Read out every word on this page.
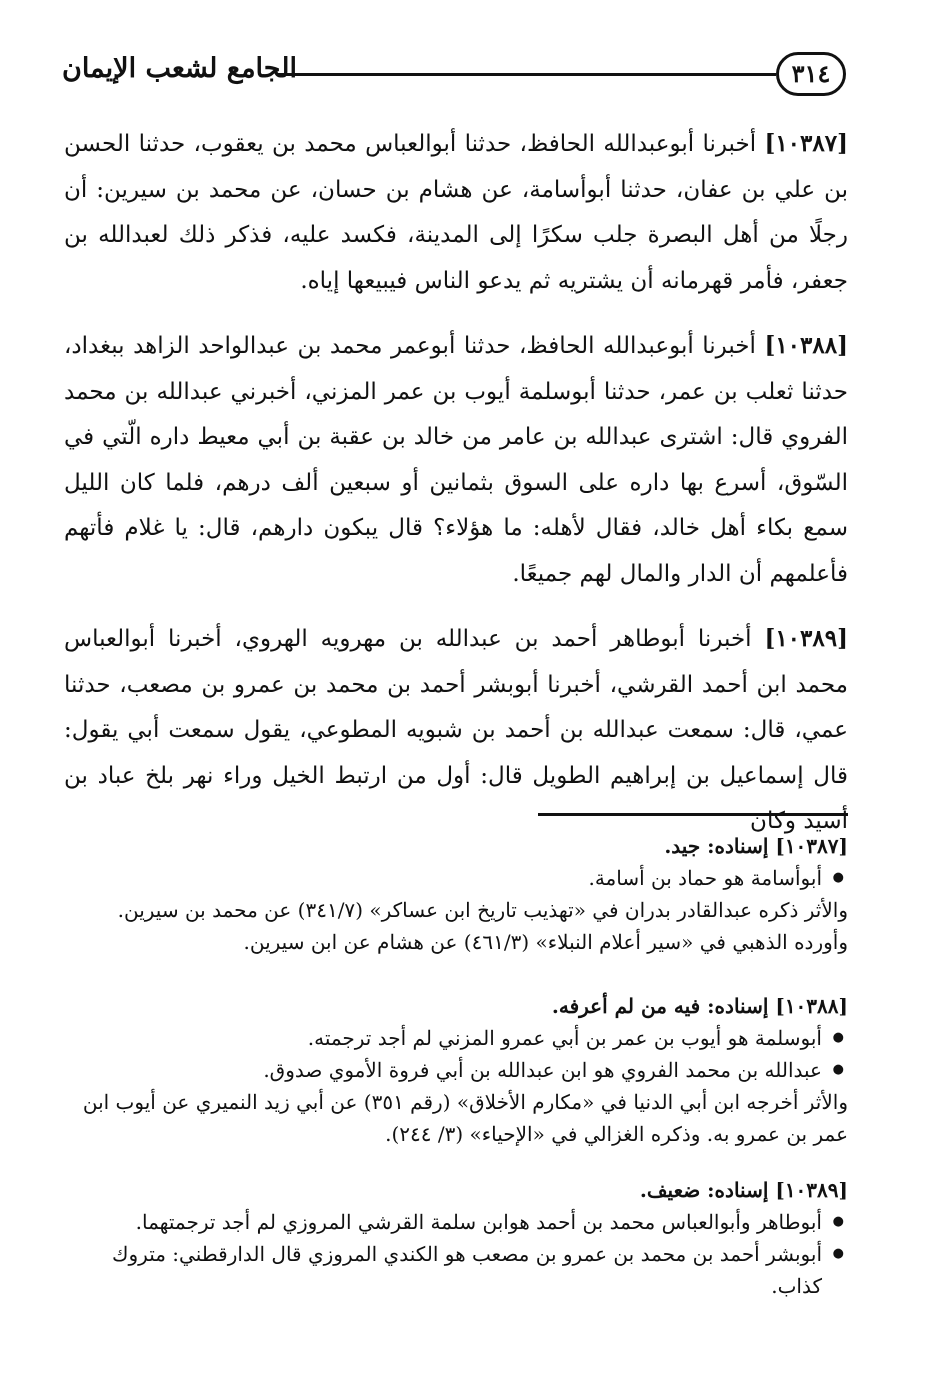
الجامع لشعب الإيمان	٣١٤

[١٠٣٨٧] أخبرنا أبوعبدالله الحافظ، حدثنا أبوالعباس محمد بن يعقوب، حدثنا الحسن بن علي بن عفان، حدثنا أبوأسامة، عن هشام بن حسان، عن محمد بن سيرين: أن رجلًا من أهل البصرة جلب سكرًا إلى المدينة، فكسد عليه، فذكر ذلك لعبدالله بن جعفر، فأمر قهرمانه أن يشتريه ثم يدعو الناس فيبيعها إياه.

[١٠٣٨٨] أخبرنا أبوعبدالله الحافظ، حدثنا أبوعمر محمد بن عبدالواحد الزاهد ببغداد، حدثنا ثعلب بن عمر، حدثنا أبوسلمة أيوب بن عمر المزني، أخبرني عبدالله بن محمد الفروي قال: اشترى عبدالله بن عامر من خالد بن عقبة بن أبي معيط داره الّتي في السّوق، أسرع بها داره على السوق بثمانين أو سبعين ألف درهم، فلما كان الليل سمع بكاء أهل خالد، فقال لأهله: ما هؤلاء؟ قال يبكون دارهم، قال: يا غلام فأتهم فأعلمهم أن الدار والمال لهم جميعًا.

[١٠٣٨٩] أخبرنا أبوطاهر أحمد بن عبدالله بن مهرويه الهروي، أخبرنا أبوالعباس محمد ابن أحمد القرشي، أخبرنا أبوبشر أحمد بن محمد بن عمرو بن مصعب، حدثنا عمي، قال: سمعت عبدالله بن أحمد بن شبويه المطوعي، يقول سمعت أبي يقول: قال إسماعيل بن إبراهيم الطويل قال: أول من ارتبط الخيل وراء نهر بلخ عباد بن أسيد وكان

[١٠٣٨٧] إسناده: جيد.
● أبوأسامة هو حماد بن أسامة.
والأثر ذكره عبدالقادر بدران في «تهذيب تاريخ ابن عساكر» (٣٤١/٧) عن محمد بن سيرين.
وأورده الذهبي في «سير أعلام النبلاء» (٤٦١/٣) عن هشام عن ابن سيرين.
[١٠٣٨٨] إسناده: فيه من لم أعرفه.
● أبوسلمة هو أيوب بن عمر بن أبي عمرو المزني لم أجد ترجمته.
● عبدالله بن محمد الفروي هو ابن عبدالله بن أبي فروة الأموي صدوق.
والأثر أخرجه ابن أبي الدنيا في «مكارم الأخلاق» (رقم ٣٥١) عن أبي زيد النميري عن أيوب ابن عمر بن عمرو به. وذكره الغزالي في «الإحياء» (٣/ ٢٤٤).
[١٠٣٨٩] إسناده: ضعيف.
● أبوطاهر وأبوالعباس محمد بن أحمد هوابن سلمة القرشي المروزي لم أجد ترجمتهما.
● أبوبشر أحمد بن محمد بن عمرو بن مصعب هو الكندي المروزي قال الدارقطني: متروك كذاب.
